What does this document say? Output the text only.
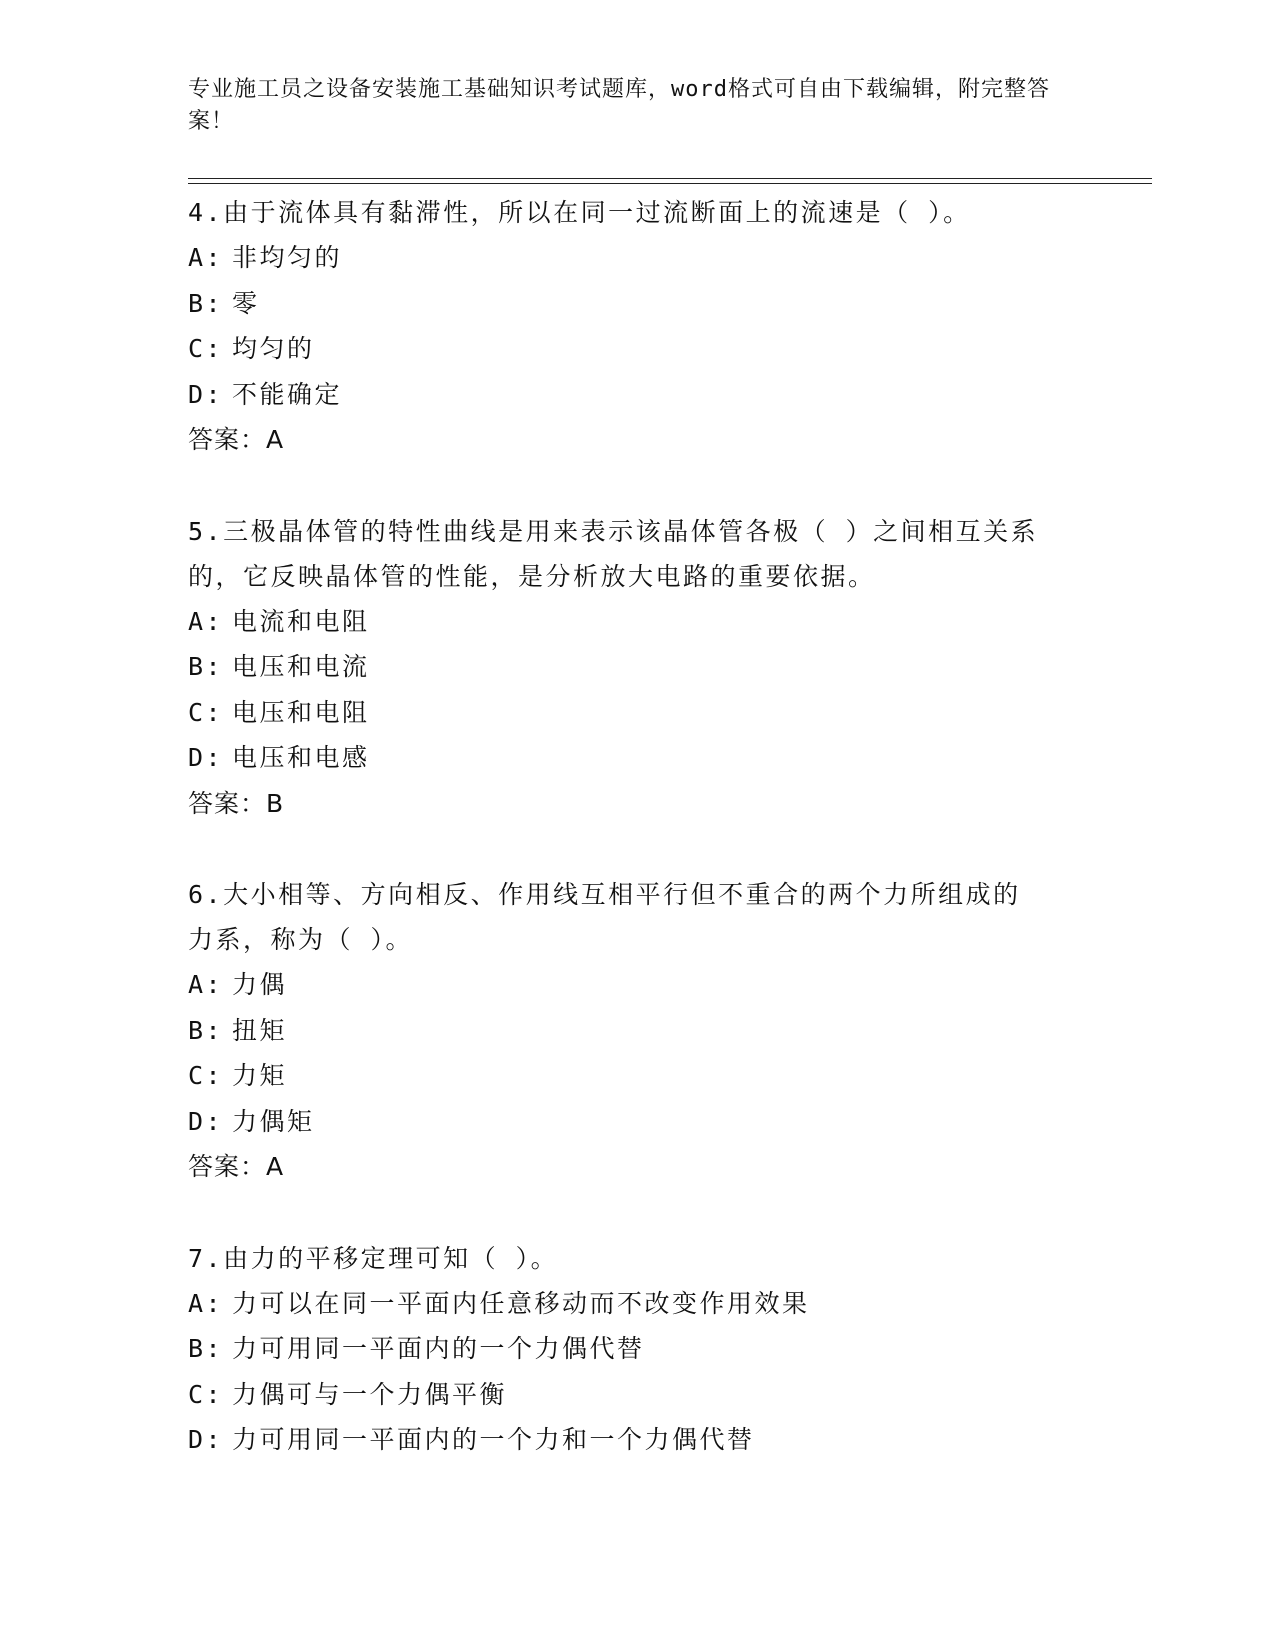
专业施工员之设备安装施工基础知识考试题库，word格式可自由下载编辑，附完整答案！
4.由于流体具有黏滞性，所以在同一过流断面上的流速是（ ）。
A: 非均匀的
B: 零
C: 均匀的
D: 不能确定
答案：A
5.三极晶体管的特性曲线是用来表示该晶体管各极（ ）之间相互关系的，它反映晶体管的性能，是分析放大电路的重要依据。
A: 电流和电阻
B: 电压和电流
C: 电压和电阻
D: 电压和电感
答案：B
6.大小相等、方向相反、作用线互相平行但不重合的两个力所组成的力系，称为（ ）。
A: 力偶
B: 扭矩
C: 力矩
D: 力偶矩
答案：A
7.由力的平移定理可知（ ）。
A: 力可以在同一平面内任意移动而不改变作用效果
B: 力可用同一平面内的一个力偶代替
C: 力偶可与一个力偶平衡
D: 力可用同一平面内的一个力和一个力偶代替
